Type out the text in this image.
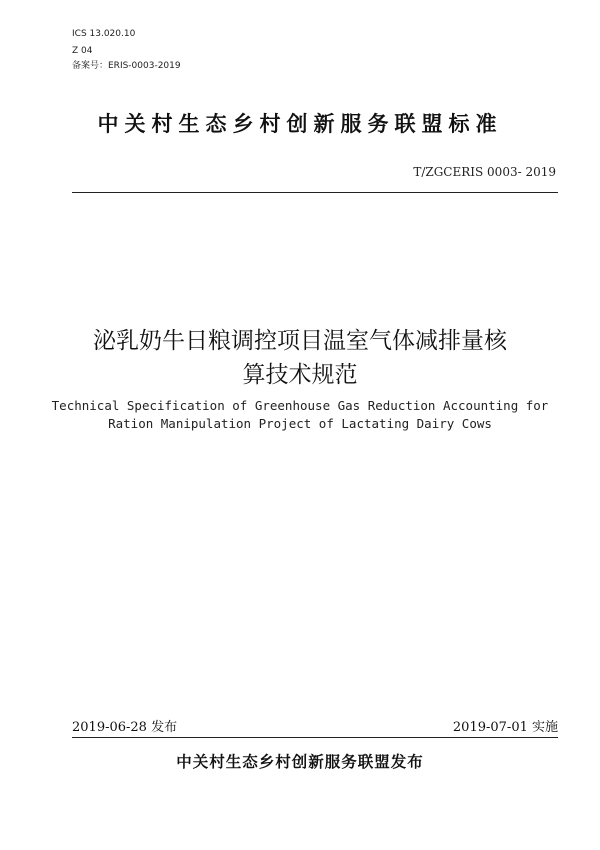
ICS 13.020.10
Z 04
备案号：ERIS-0003-2019
中关村生态乡村创新服务联盟标准
T/ZGCERIS 0003- 2019
泌乳奶牛日粮调控项目温室气体减排量核
算技术规范
Technical Specification of Greenhouse Gas Reduction Accounting for
Ration Manipulation Project of Lactating Dairy Cows
2019-06-28 发布	2019-07-01 实施
中关村生态乡村创新服务联盟发布
